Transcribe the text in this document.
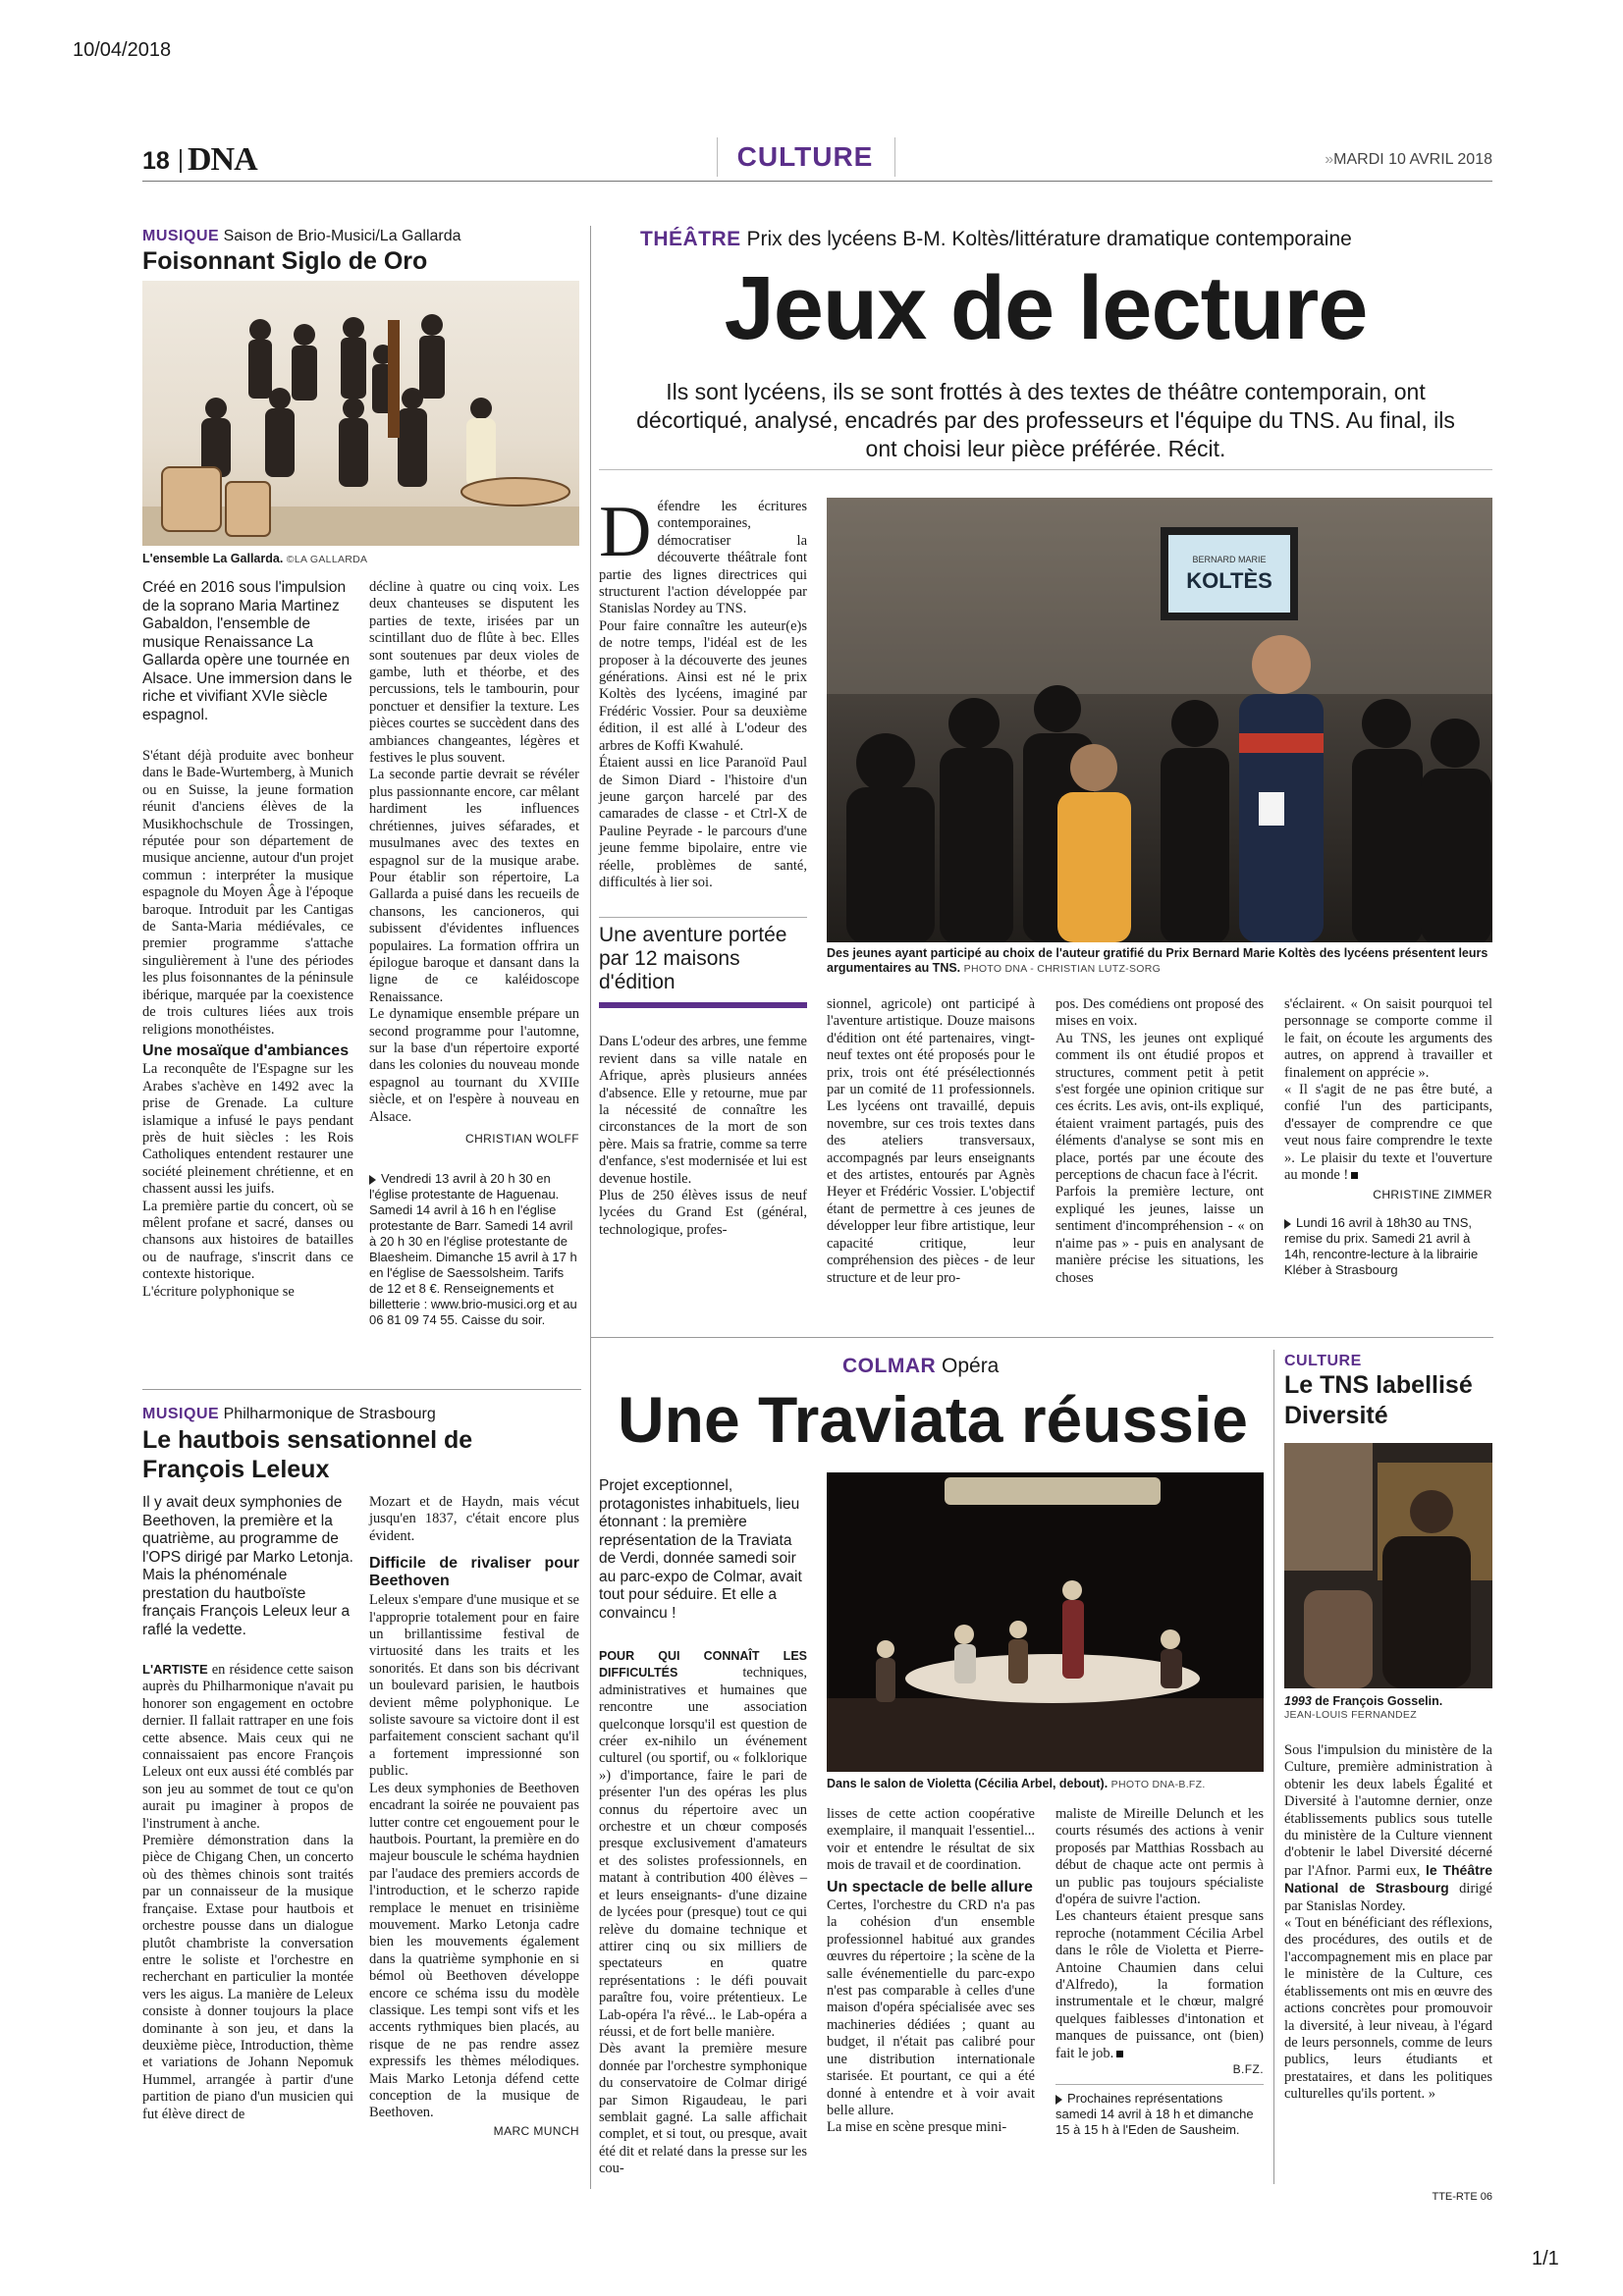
10/04/2018
1/1
18 DNA	CULTURE	»MARDI 10 AVRIL 2018
MUSIQUE Saison de Brio-Musici/La Gallarda
Foisonnant Siglo de Oro
L'ensemble La Gallarda. ©LA GALLARDA

Créé en 2016 sous l'impulsion de la soprano Maria Martinez Gabaldon, l'ensemble de musique Renaissance La Gallarda opère une tournée en Alsace. Une immersion dans le riche et vivifiant XVIe siècle espagnol.

S'étant déjà produite avec bonheur dans le Bade-Wurtemberg, à Munich ou en Suisse, la jeune formation réunit d'anciens élèves de la Musikhochschule de Trossingen, réputée pour son département de musique ancienne, autour d'un projet commun : interpréter la musique espagnole du Moyen Âge à l'époque baroque. Introduit par les Cantigas de Santa-Maria médiévales, ce premier programme s'attache singulièrement à l'une des périodes les plus foisonnantes de la péninsule ibérique, marquée par la coexistence de trois cultures liées aux trois religions monothéistes.

Une mosaïque d'ambiances

La reconquête de l'Espagne sur les Arabes s'achève en 1492 avec la prise de Grenade. La culture islamique a infusé le pays pendant près de huit siècles : les Rois Catholiques entendent restaurer une société pleinement chrétienne, et en chassent aussi les juifs.

La première partie du concert, où se mêlent profane et sacré, danses ou chansons aux histoires de batailles ou de naufrage, s'inscrit dans ce contexte historique.

L'écriture polyphonique se

décline à quatre ou cinq voix. Les deux chanteuses se disputent les parties de texte, irisées par un scintillant duo de flûte à bec. Elles sont soutenues par deux violes de gambe, luth et théorbe, et des percussions, tels le tambourin, pour ponctuer et densifier la texture. Les pièces courtes se succèdent dans des ambiances changeantes, légères et festives le plus souvent.

La seconde partie devrait se révéler plus passionnante encore, car mêlant hardiment les influences chrétiennes, juives séfarades, et musulmanes avec des textes en espagnol sur de la musique arabe. Pour établir son répertoire, La Gallarda a puisé dans les recueils de chansons, les cancioneros, qui subissent d'évidentes influences populaires. La formation offrira un épilogue baroque et dansant dans la ligne de ce kaléidoscope Renaissance.

Le dynamique ensemble prépare un second programme pour l'automne, sur la base d'un répertoire exporté dans les colonies du nouveau monde espagnol au tournant du XVIIIe siècle, et on l'espère à nouveau en Alsace.

CHRISTIAN WOLFF
Vendredi 13 avril à 20 h 30 en l'église protestante de Haguenau. Samedi 14 avril à 16 h en l'église protestante de Barr. Samedi 14 avril à 20 h 30 en l'église protestante de Blaesheim. Dimanche 15 avril à 17 h en l'église de Saessolsheim. Tarifs de 12 et 8 €. Renseignements et billetterie : www.brio-musici.org et au 06 81 09 74 55. Caisse du soir.
MUSIQUE Philharmonique de Strasbourg
Le hautbois sensationnel de François Leleux

Il y avait deux symphonies de Beethoven, la première et la quatrième, au programme de l'OPS dirigé par Marko Letonja. Mais la phénoménale prestation du hautboïste français François Leleux leur a raflé la vedette.

L'ARTISTE en résidence cette saison auprès du Philharmonique n'avait pu honorer son engagement en octobre dernier. Il fallait rattraper en une fois cette absence. Mais ceux qui ne connaissaient pas encore François Leleux ont eux aussi été comblés par son jeu au sommet de tout ce qu'on aurait pu imaginer à propos de l'instrument à anche.

Première démonstration dans la pièce de Chigang Chen, un concerto où des thèmes chinois sont traités par un connaisseur de la musique française. Extase pour hautbois et orchestre pousse dans un dialogue plutôt chambriste la conversation entre le soliste et l'orchestre en recherchant en particulier la montée vers les aigus. La manière de Leleux consiste à donner toujours la place dominante à son jeu, et dans la deuxième pièce, Introduction, thème et variations de Johann Nepomuk Hummel, arrangée à partir d'une partition de piano d'un musicien qui fut élève direct de

Mozart et de Haydn, mais vécut jusqu'en 1837, c'était encore plus évident.

Difficile de rivaliser pour Beethoven

Leleux s'empare d'une musique et se l'approprie totalement pour en faire un brillantissime festival de virtuosité dans les traits et les sonorités. Et dans son bis décrivant un boulevard parisien, le hautbois devient même polyphonique. Le soliste savoure sa victoire dont il est parfaitement conscient sachant qu'il a fortement impressionné son public.

Les deux symphonies de Beethoven encadrant la soirée ne pouvaient pas lutter contre cet engouement pour le hautbois. Pourtant, la première en do majeur bouscule le schéma haydnien par l'audace des premiers accords de l'introduction, et le scherzo rapide remplace le menuet en trisinième mouvement. Marko Letonja cadre bien les mouvements également dans la quatrième symphonie en si bémol où Beethoven développe encore ce schéma issu du modèle classique. Les tempi sont vifs et les accents rythmiques bien placés, au risque de ne pas rendre assez expressifs les thèmes mélodiques. Mais Marko Letonja défend cette conception de la musique de Beethoven.

MARC MUNCH
THÉÂTRE Prix des lycéens B-M. Koltès/littérature dramatique contemporaine
Jeux de lecture
Ils sont lycéens, ils se sont frottés à des textes de théâtre contemporain, ont décortiqué, analysé, encadrés par des professeurs et l'équipe du TNS. Au final, ils ont choisi leur pièce préférée. Récit.

Défendre les écritures contemporaines, démocratiser la découverte théâtrale font partie des lignes directrices qui structurent l'action développée par Stanislas Nordey au TNS.

Pour faire connaître les auteur(e)s de notre temps, l'idéal est de les proposer à la découverte des jeunes générations. Ainsi est né le prix Koltès des lycéens, imaginé par Frédéric Vossier. Pour sa deuxième édition, il est allé à L'odeur des arbres de Koffi Kwahulé.

Étaient aussi en lice Paranoïd Paul de Simon Diard - l'histoire d'un jeune garçon harcelé par des camarades de classe - et Ctrl-X de Pauline Peyrade - le parcours d'une jeune femme bipolaire, entre vie réelle, problèmes de santé, difficultés à lier soi.

Une aventure portée par 12 maisons d'édition

Dans L'odeur des arbres, une femme revient dans sa ville natale en Afrique, après plusieurs années d'absence. Elle y retourne, mue par la nécessité de connaître les circonstances de la mort de son père. Mais sa fratrie, comme sa terre d'enfance, s'est modernisée et lui est devenue hostile.

Plus de 250 élèves issus de neuf lycées du Grand Est (général, technologique, profes-

BERNARD MARIE
KOLTÈS
Des jeunes ayant participé au choix de l'auteur gratifié du Prix Bernard Marie Koltès des lycéens présentent leurs argumentaires au TNS. PHOTO DNA - CHRISTIAN LUTZ-SORG

sionnel, agricole) ont participé à l'aventure artistique. Douze maisons d'édition ont été partenaires, vingt-neuf textes ont été proposés pour le prix, trois ont été présélectionnés par un comité de 11 professionnels. Les lycéens ont travaillé, depuis novembre, sur ces trois textes dans des ateliers transversaux, accompagnés par leurs enseignants et des artistes, entourés par Agnès Heyer et Frédéric Vossier. L'objectif étant de permettre à ces jeunes de développer leur fibre artistique, leur capacité critique, leur compréhension des pièces - de leur structure et de leur pro-

pos. Des comédiens ont proposé des mises en voix.

Au TNS, les jeunes ont expliqué comment ils ont étudié propos et structures, comment petit à petit s'est forgée une opinion critique sur ces écrits. Les avis, ont-ils expliqué, étaient vraiment partagés, puis des éléments d'analyse se sont mis en place, portés par une écoute des perceptions de chacun face à l'écrit.

Parfois la première lecture, ont expliqué les jeunes, laisse un sentiment d'incompréhension - « on n'aime pas » - puis en analysant de manière précise les situations, les choses

s'éclairent. « On saisit pourquoi tel personnage se comporte comme il le fait, on écoute les arguments des autres, on apprend à travailler et finalement on apprécie ».

« Il s'agit de ne pas être buté, a confié l'un des participants, d'essayer de comprendre ce que veut nous faire comprendre le texte ». Le plaisir du texte et l'ouverture au monde !

CHRISTINE ZIMMER
Lundi 16 avril à 18h30 au TNS, remise du prix. Samedi 21 avril à 14h, rencontre-lecture à la librairie Kléber à Strasbourg
COLMAR Opéra
Une Traviata réussie

Projet exceptionnel, protagonistes inhabituels, lieu étonnant : la première représentation de la Traviata de Verdi, donnée samedi soir au parc-expo de Colmar, avait tout pour séduire. Et elle a convaincu !

POUR QUI CONNAÎT LES DIFFICULTÉS	techniques, administratives et humaines que rencontre une association quelconque lorsqu'il est question de créer ex-nihilo un événement culturel (ou sportif, ou « folklorique ») d'importance, faire le pari de présenter l'un des opéras les plus connus du répertoire avec un orchestre et un chœur composés presque exclusivement d'amateurs et des solistes professionnels, en matant à contribution 400 élèves – et leurs enseignants- d'une dizaine de lycées pour (presque) tout ce qui relève du domaine technique et attirer cinq ou six milliers de spectateurs en quatre représentations : le défi pouvait paraître fou, voire prétentieux. Le Lab-opéra l'a rêvé... le Lab-opéra a réussi, et de fort belle manière.

Dès avant la première mesure donnée par l'orchestre symphonique du conservatoire de Colmar dirigé par Simon Rigaudeau, le pari semblait gagné. La salle affichait complet, et si tout, ou presque, avait été dit et relaté dans la presse sur les cou-

Dans le salon de Violetta (Cécilia Arbel, debout). PHOTO DNA-B.FZ.

lisses de cette action coopérative exemplaire, il manquait l'essentiel... voir et entendre le résultat de six mois de travail et de coordination.

Un spectacle de belle allure

Certes, l'orchestre du CRD n'a pas la cohésion d'un ensemble professionnel habitué aux grandes œuvres du répertoire ; la scène de la salle événementielle du parc-expo n'est pas comparable à celles d'une maison d'opéra spécialisée avec ses machineries dédiées ; quant au budget, il n'était pas calibré pour une distribution internationale starisée. Et pourtant, ce qui a été donné à entendre et à voir avait belle allure.

La mise en scène presque mini-

maliste de Mireille Delunch et les courts résumés des actions à venir proposés par Matthias Rossbach au début de chaque acte ont permis à un public pas toujours spécialiste d'opéra de suivre l'action.

Les chanteurs étaient presque sans reproche (notamment Cécilia Arbel dans le rôle de Violetta et Pierre-Antoine Chaumien dans celui d'Alfredo), la formation instrumentale et le chœur, malgré quelques faiblesses d'intonation et manques de puissance, ont (bien) fait le job.

B.FZ.
Prochaines représentations samedi 14 avril à 18 h et dimanche 15 à 15 h à l'Eden de Sausheim.
CULTURE
Le TNS labellisé Diversité
1993 de François Gosselin.
JEAN-LOUIS FERNANDEZ

Sous l'impulsion du ministère de la Culture, première administration à obtenir les deux labels Égalité et Diversité à l'automne dernier, onze établissements publics sous tutelle du ministère de la Culture viennent d'obtenir le label Diversité décerné par l'Afnor. Parmi eux, le Théâtre National de Strasbourg dirigé par Stanislas Nordey.

« Tout en bénéficiant des réflexions, des procédures, des outils et de l'accompagnement mis en place par le ministère de la Culture, ces établissements ont mis en œuvre des actions concrètes pour promouvoir la diversité, à leur niveau, à l'égard de leurs personnels, comme de leurs publics, leurs étudiants et prestataires, et dans les politiques culturelles qu'ils portent. »

TTE-RTE 06
